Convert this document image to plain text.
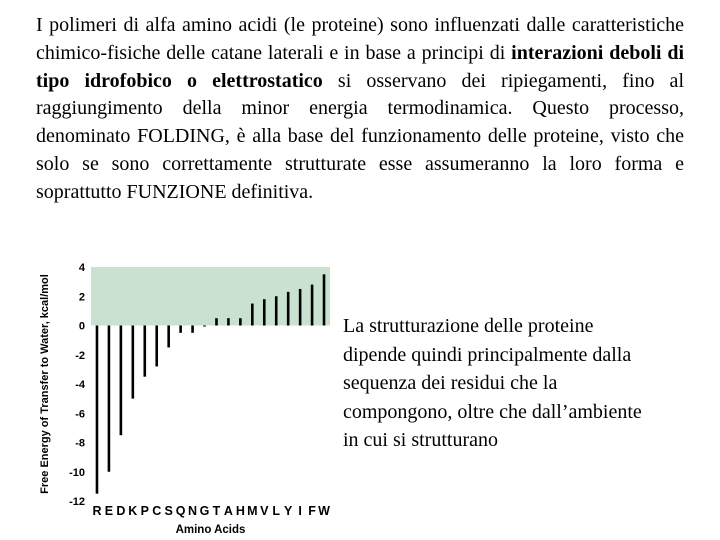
I polimeri di alfa amino acidi (le proteine) sono influenzati dalle caratteristiche chimico-fisiche delle catane laterali e in base a principi di interazioni deboli di tipo idrofobico o elettrostatico si osservano dei ripiegamenti, fino al raggiungimento della minor energia termodinamica. Questo processo, denominato FOLDING, è alla base del funzionamento delle proteine, visto che solo se sono correttamente strutturate esse assumeranno la loro forma e soprattutto FUNZIONE definitiva.

4
2
0
-2
-4
-6
-8
-10
-12
R E D K P C S Q N G T A H M V L Y I F W
Amino Acids
Free Energy of Transfer to Water, kcal/mol	La strutturazione delle proteine
dipende quindi principalmente dalla
sequenza dei residui che la
compongono, oltre che dall’ambiente
in cui si strutturano
